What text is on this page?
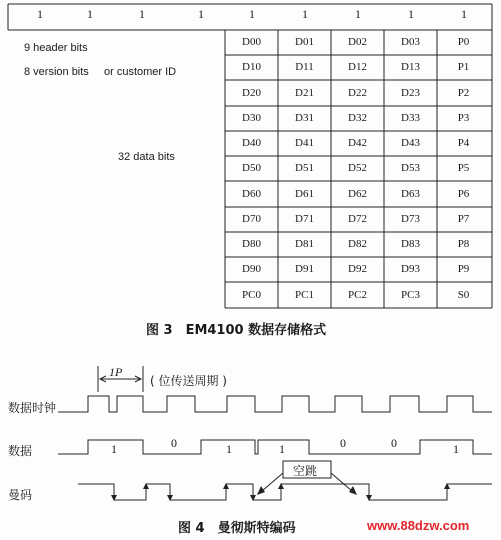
1	1	1	1	1	1	1	1	1
9 header bits
8 version bits or customer ID
32 data bits
D00	D01	D02	D03	P0
D10	D11	D12	D13	P1
D20	D21	D22	D23	P2
D30	D31	D32	D33	P3
D40	D41	D42	D43	P4
D50	D51	D52	D53	P5
D60	D61	D62	D63	P6
D70	D71	D72	D73	P7
D80	D81	D82	D83	P8
D90	D91	D92	D93	P9
PC0	PC1	PC2	PC3	S0
图 3　EM4100 数据存储格式
1P
( 位传送周期 )
数据时钟
数据
曼码
1	0	1	1	0	0	1
空跳
图 4　曼彻斯特编码	www.88dzw.com
